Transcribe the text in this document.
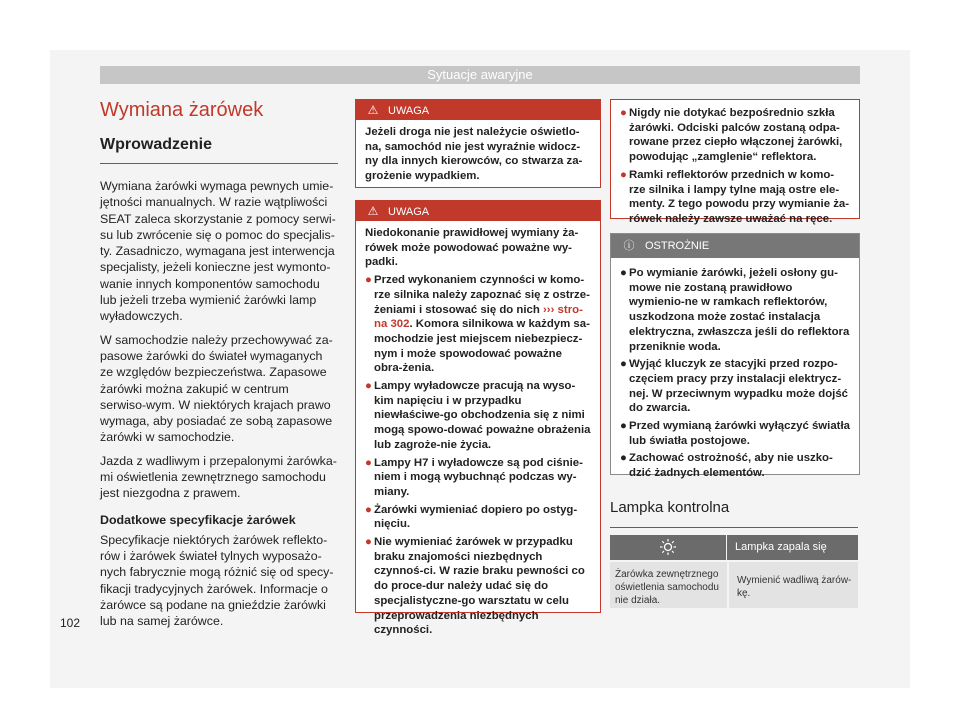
Sytuacje awaryjne
Wymiana żarówek
Wprowadzenie

Wymiana żarówki wymaga pewnych umie-jętności manualnych. W razie wątpliwości SEAT zaleca skorzystanie z pomocy serwi-su lub zwrócenie się o pomoc do specjalis-ty. Zasadniczo, wymagana jest interwencja specjalisty, jeżeli konieczne jest wymonto-wanie innych komponentów samochodu lub jeżeli trzeba wymienić żarówki lamp wyładowczych.

W samochodzie należy przechowywać za-pasowe żarówki do świateł wymaganych ze względów bezpieczeństwa. Zapasowe żarówki można zakupić w centrum serwiso-wym. W niektórych krajach prawo wymaga, aby posiadać ze sobą zapasowe żarówki w samochodzie.

Jazda z wadliwym i przepalonymi żarówka-mi oświetlenia zewnętrznego samochodu jest niezgodna z prawem.

Dodatkowe specyfikacje żarówek

Specyfikacje niektórych żarówek reflekto-rów i żarówek świateł tylnych wyposażo-nych fabrycznie mogą różnić się od specy-fikacji tradycyjnych żarówek. Informacje o żarówce są podane na gnieździe żarówki lub na samej żarówce.

102
⚠ UWAGA

Jeżeli droga nie jest należycie oświetlo-na, samochód nie jest wyraźnie widocz-ny dla innych kierowców, co stwarza za-grożenie wypadkiem.

⚠ UWAGA

Niedokonanie prawidłowej wymiany ża-rówek może powodować poważne wy-padki.

● Przed wykonaniem czynności w komo-rze silnika należy zapoznać się z ostrze-żeniami i stosować się do nich ››› stro-na 302. Komora silnikowa w każdym sa-mochodzie jest miejscem niebezpiecz-nym i może spowodować poważne obra-żenia.
● Lampy wyładowcze pracują na wyso-kim napięciu i w przypadku niewłaściwe-go obchodzenia się z nimi mogą spowo-dować poważne obrażenia lub zagroże-nie życia.
● Lampy H7 i wyładowcze są pod ciśnie-niem i mogą wybuchnąć podczas wy-miany.
● Żarówki wymieniać dopiero po ostyg-nięciu.
● Nie wymieniać żarówek w przypadku braku znajomości niezbędnych czynnoś-ci. W razie braku pewności co do proce-dur należy udać się do specjalistyczne-go warsztatu w celu przeprowadzenia niezbędnych czynności.
● Nigdy nie dotykać bezpośrednio szkła żarówki. Odciski palców zostaną odpa-rowane przez ciepło włączonej żarówki, powodując „zamglenie“ reflektora.
● Ramki reflektorów przednich w komo-rze silnika i lampy tylne mają ostre ele-menty. Z tego powodu przy wymianie ża-rówek należy zawsze uważać na ręce.
ⓘ OSTROŻNIE
● Po wymianie żarówki, jeżeli osłony gu-mowe nie zostaną prawidłowo wymienio-ne w ramkach reflektorów, uszkodzona może zostać instalacja elektryczna, zwłaszcza jeśli do reflektora przeniknie woda.
● Wyjąć kluczyk ze stacyjki przed rozpo-częciem pracy przy instalacji elektrycz-nej. W przeciwnym wypadku może dojść do zwarcia.
● Przed wymianą żarówki wyłączyć światła lub światła postojowe.
● Zachować ostrożność, aby nie uszko-dzić żadnych elementów.
Lampka kontrolna
Lampka zapala się
Żarówka zewnętrznego oświetlenia samochodu nie działa.
Wymienić wadliwą żarów-kę.
